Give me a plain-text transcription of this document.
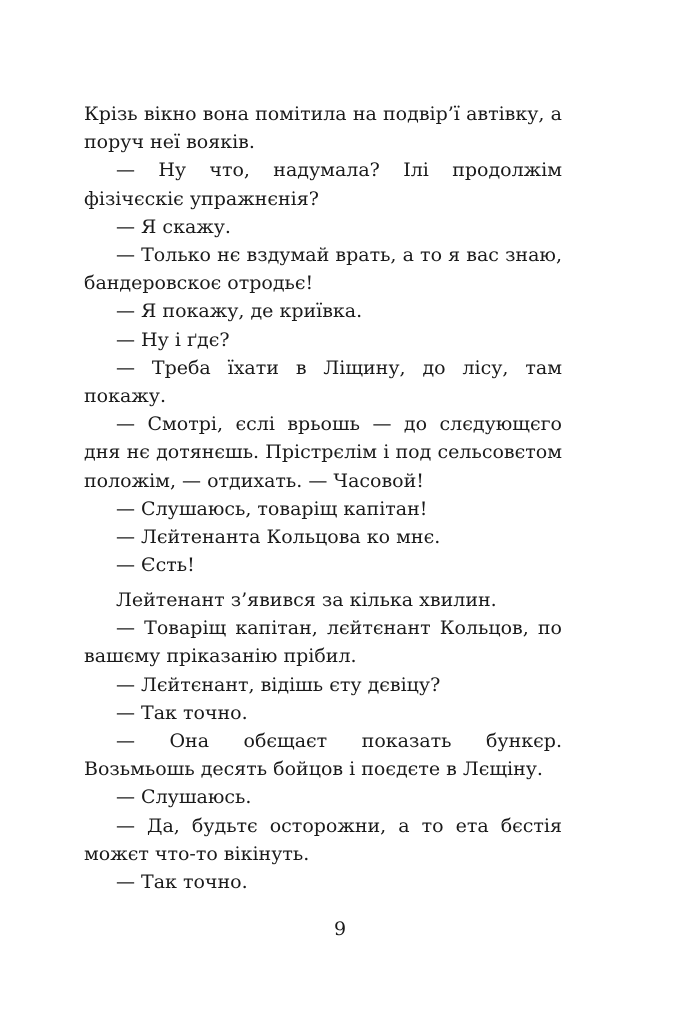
Крізь вікно вона помітила на подвір’ї автівку, а поруч неї вояків.

— Ну что, надумала? Ілі продолжім фізічєскіє упражнєнія?

— Я скажу.

— Только нє вздумай врать, а то я вас знаю, бандеровскоє отродьє!

— Я покажу, де криївка.

— Ну і ґдє?

— Треба їхати в Ліщину, до лісу, там покажу.

— Смотрі, єслі врьошь — до слєдующєго дня нє дотянєшь. Прістрєлім і под сельсовєтом положім, — отдихать. — Часовой!

— Слушаюсь, товаріщ капітан!

— Лєйтенанта Кольцова ко мнє.

— Єсть!

Лейтенант з’явився за кілька хвилин.

— Товаріщ капітан, лєйтєнант Кольцов, по вашєму пріказанію прібил.

— Лєйтєнант, відішь єту дєвіцу?

— Так точно.

— Она обєщаєт показать бункєр. Возьмьошь десять бойцов і поєдєте в Лєщіну.

— Слушаюсь.

— Да, будьтє осторожни, а то ета бєстія можєт что-то вікінуть.

— Так точно.

9
